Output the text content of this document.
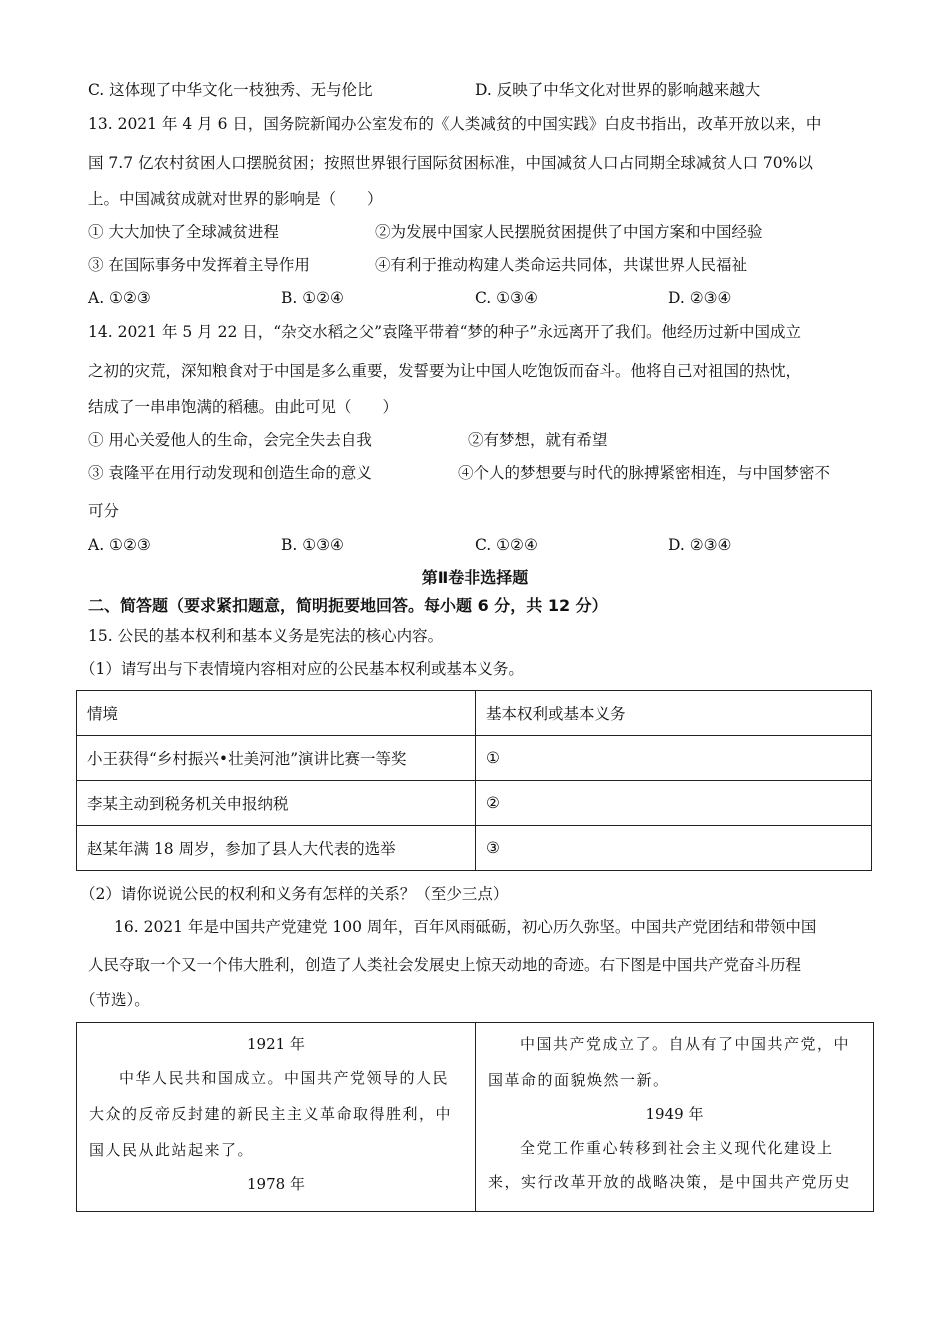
C. 这体现了中华文化一枝独秀、无与伦比	D. 反映了中华文化对世界的影响越来越大
13. 2021 年 4 月 6 日，国务院新闻办公室发布的《人类减贫的中国实践》白皮书指出，改革开放以来，中
国 7.7 亿农村贫困人口摆脱贫困；按照世界银行国际贫困标准，中国减贫人口占同期全球减贫人口 70%以
上。中国减贫成就对世界的影响是（　　）
① 大大加快了全球减贫进程	②为发展中国家人民摆脱贫困提供了中国方案和中国经验
③ 在国际事务中发挥着主导作用	④有利于推动构建人类命运共同体，共谋世界人民福祉
A. ①②③	B. ①②④	C. ①③④	D. ②③④
14. 2021 年 5 月 22 日，“杂交水稻之父”袁隆平带着“梦的种子”永远离开了我们。他经历过新中国成立
之初的灾荒，深知粮食对于中国是多么重要，发誓要为让中国人吃饱饭而奋斗。他将自己对祖国的热忱，
结成了一串串饱满的稻穗。由此可见（　　）
① 用心关爱他人的生命，会完全失去自我	②有梦想，就有希望
③ 袁隆平在用行动发现和创造生命的意义	④个人的梦想要与时代的脉搏紧密相连，与中国梦密不
可分
A. ①②③	B. ①③④	C. ①②④	D. ②③④
第Ⅱ卷非选择题
二、简答题（要求紧扣题意，简明扼要地回答。每小题 6 分，共 12 分）
15. 公民的基本权利和基本义务是宪法的核心内容。
（1）请写出与下表情境内容相对应的公民基本权利或基本义务。
情境	基本权利或基本义务
小王获得“乡村振兴•壮美河池”演讲比赛一等奖	①
李某主动到税务机关申报纳税	②
赵某年满 18 周岁，参加了县人大代表的选举	③
（2）请你说说公民的权利和义务有怎样的关系？（至少三点）
16. 2021 年是中国共产党建党 100 周年，百年风雨砥砺，初心历久弥坚。中国共产党团结和带领中国
人民夺取一个又一个伟大胜利，创造了人类社会发展史上惊天动地的奇迹。右下图是中国共产党奋斗历程
（节选）。
1921 年
中华人民共和国成立。中国共产党领导的人民
大众的反帝反封建的新民主主义革命取得胜利，中
国人民从此站起来了。
1978 年
中国共产党成立了。自从有了中国共产党，中
国革命的面貌焕然一新。
1949 年
全党工作重心转移到社会主义现代化建设上
来，实行改革开放的战略决策，是中国共产党历史
